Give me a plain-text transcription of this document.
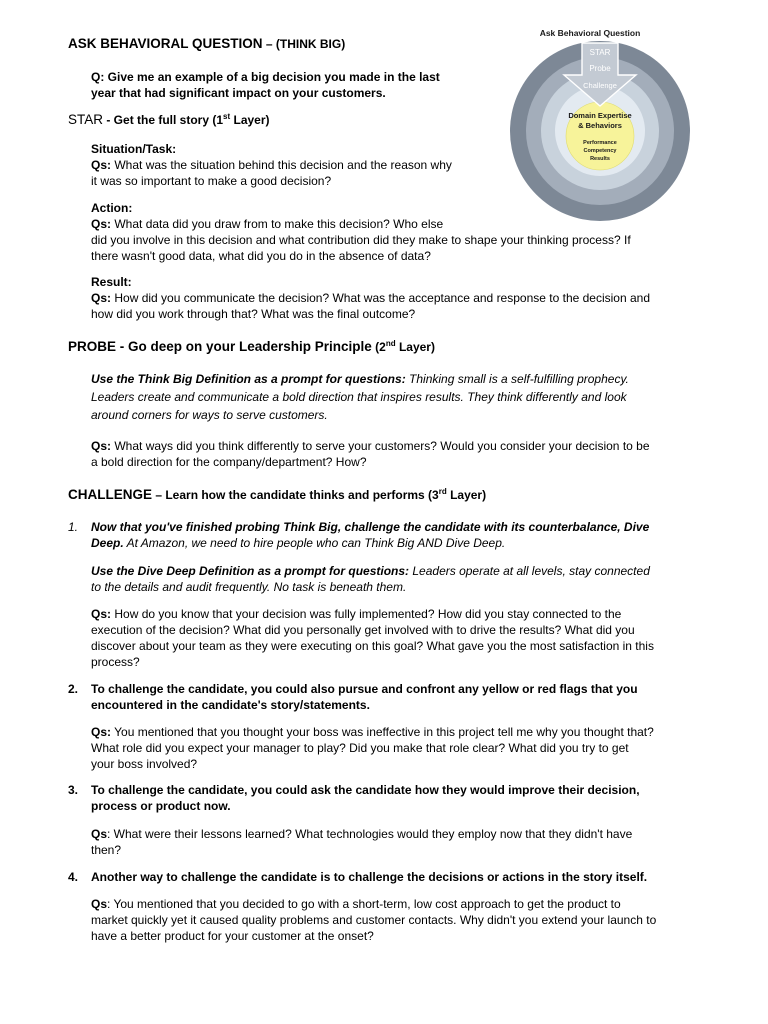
Ask Behavioral Question
STAR
Probe
Challenge
Domain Expertise
& Behaviors
Performance
Competency
Results
ASK BEHAVIORAL QUESTION – (THINK BIG)
Q: Give me an example of a big decision you made in the last
year that had significant impact on your customers.
STAR - Get the full story (1st Layer)
Situation/Task:
Qs: What was the situation behind this decision and the reason why
it was so important to make a good decision?
Action:
Qs: What data did you draw from to make this decision? Who else
did you involve in this decision and what contribution did they make to shape your thinking process? If
there wasn't good data, what did you do in the absence of data?
Result:
Qs: How did you communicate the decision? What was the acceptance and response to the decision and
how did you work through that? What was the final outcome?
PROBE - Go deep on your Leadership Principle (2nd Layer)
Use the Think Big Definition as a prompt for questions: Thinking small is a self-fulfilling prophecy.
Leaders create and communicate a bold direction that inspires results. They think differently and look
around corners for ways to serve customers.
Qs: What ways did you think differently to serve your customers? Would you consider your decision to be
a bold direction for the company/department? How?
CHALLENGE – Learn how the candidate thinks and performs (3rd Layer)
1. Now that you've finished probing Think Big, challenge the candidate with its counterbalance, Dive
Deep. At Amazon, we need to hire people who can Think Big AND Dive Deep.
Use the Dive Deep Definition as a prompt for questions: Leaders operate at all levels, stay connected
to the details and audit frequently. No task is beneath them.
Qs: How do you know that your decision was fully implemented? How did you stay connected to the
execution of the decision? What did you personally get involved with to drive the results? What did you
discover about your team as they were executing on this goal? What gave you the most satisfaction in this
process?
2. To challenge the candidate, you could also pursue and confront any yellow or red flags that you
encountered in the candidate's story/statements.
Qs: You mentioned that you thought your boss was ineffective in this project tell me why you thought that?
What role did you expect your manager to play? Did you make that role clear? What did you try to get
your boss involved?
3. To challenge the candidate, you could ask the candidate how they would improve their decision,
process or product now.
Qs: What were their lessons learned? What technologies would they employ now that they didn't have
then?
4. Another way to challenge the candidate is to challenge the decisions or actions in the story itself.
Qs: You mentioned that you decided to go with a short-term, low cost approach to get the product to
market quickly yet it caused quality problems and customer contacts. Why didn't you extend your launch to
have a better product for your customer at the onset?
